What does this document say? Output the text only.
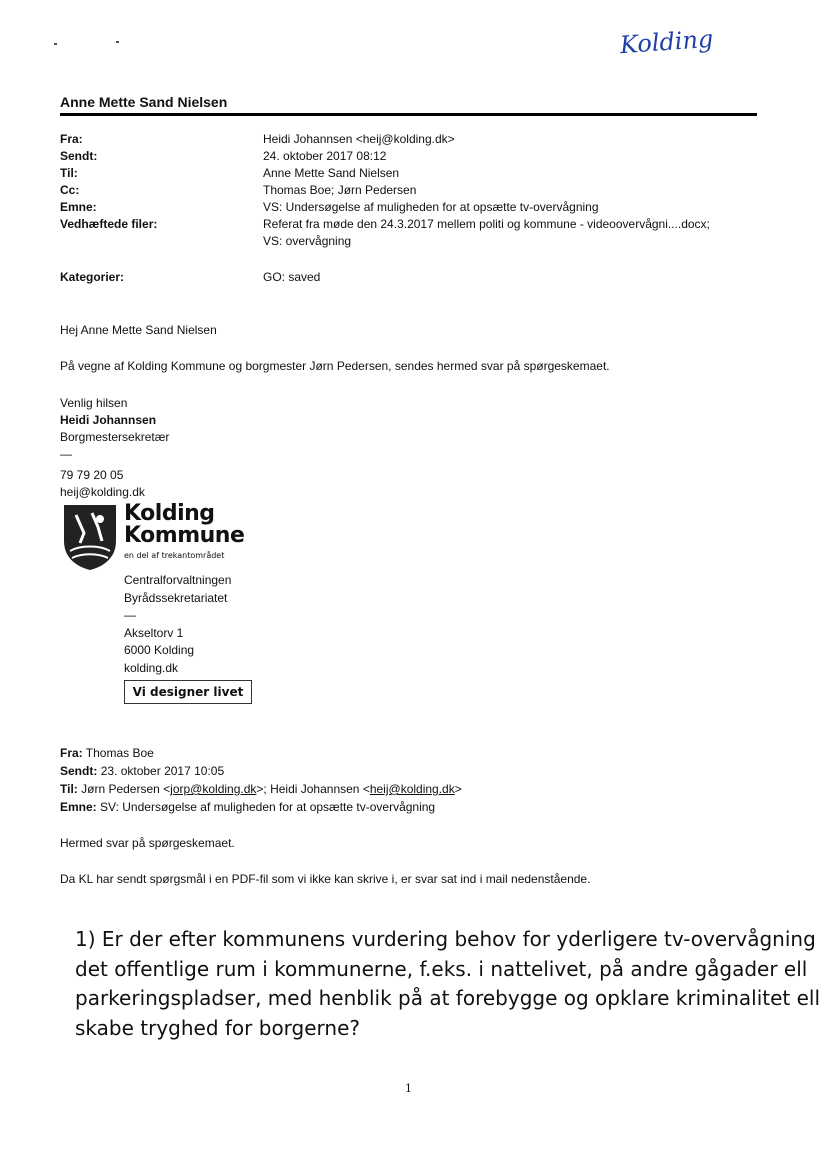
Kolding
Anne Mette Sand Nielsen
Fra:	Heidi Johannsen <heij@kolding.dk>
Sendt:	24. oktober 2017 08:12
Til:	Anne Mette Sand Nielsen
Cc:	Thomas Boe; Jørn Pedersen
Emne:	VS: Undersøgelse af muligheden for at opsætte tv-overvågning
Vedhæftede filer:	Referat fra møde den 24.3.2017 mellem politi og kommune - videoovervågni....docx;
VS: overvågning
Kategorier:	GO: saved
Hej Anne Mette Sand Nielsen
På vegne af Kolding Kommune og borgmester Jørn Pedersen, sendes hermed svar på spørgeskemaet.
Venlig hilsen
Heidi Johannsen
Borgmestersekretær
—
79 79 20 05
heij@kolding.dk
Kolding
Kommune
en del af trekantområdet
Centralforvaltningen
Byrådssekretariatet
—
Akseltorv 1
6000 Kolding
kolding.dk
Vi designer livet
Fra: Thomas Boe
Sendt: 23. oktober 2017 10:05
Til: Jørn Pedersen <jorp@kolding.dk>; Heidi Johannsen <heij@kolding.dk>
Emne: SV: Undersøgelse af muligheden for at opsætte tv-overvågning
Hermed svar på spørgeskemaet.
Da KL har sendt spørgsmål i en PDF-fil som vi ikke kan skrive i, er svar sat ind i mail nedenstående.
1) Er der efter kommunens vurdering behov for yderligere tv-overvågning
det offentlige rum i kommunerne, f.eks. i nattelivet, på andre gågader ell
parkeringspladser, med henblik på at forebygge og opklare kriminalitet ell
skabe tryghed for borgerne?
1
